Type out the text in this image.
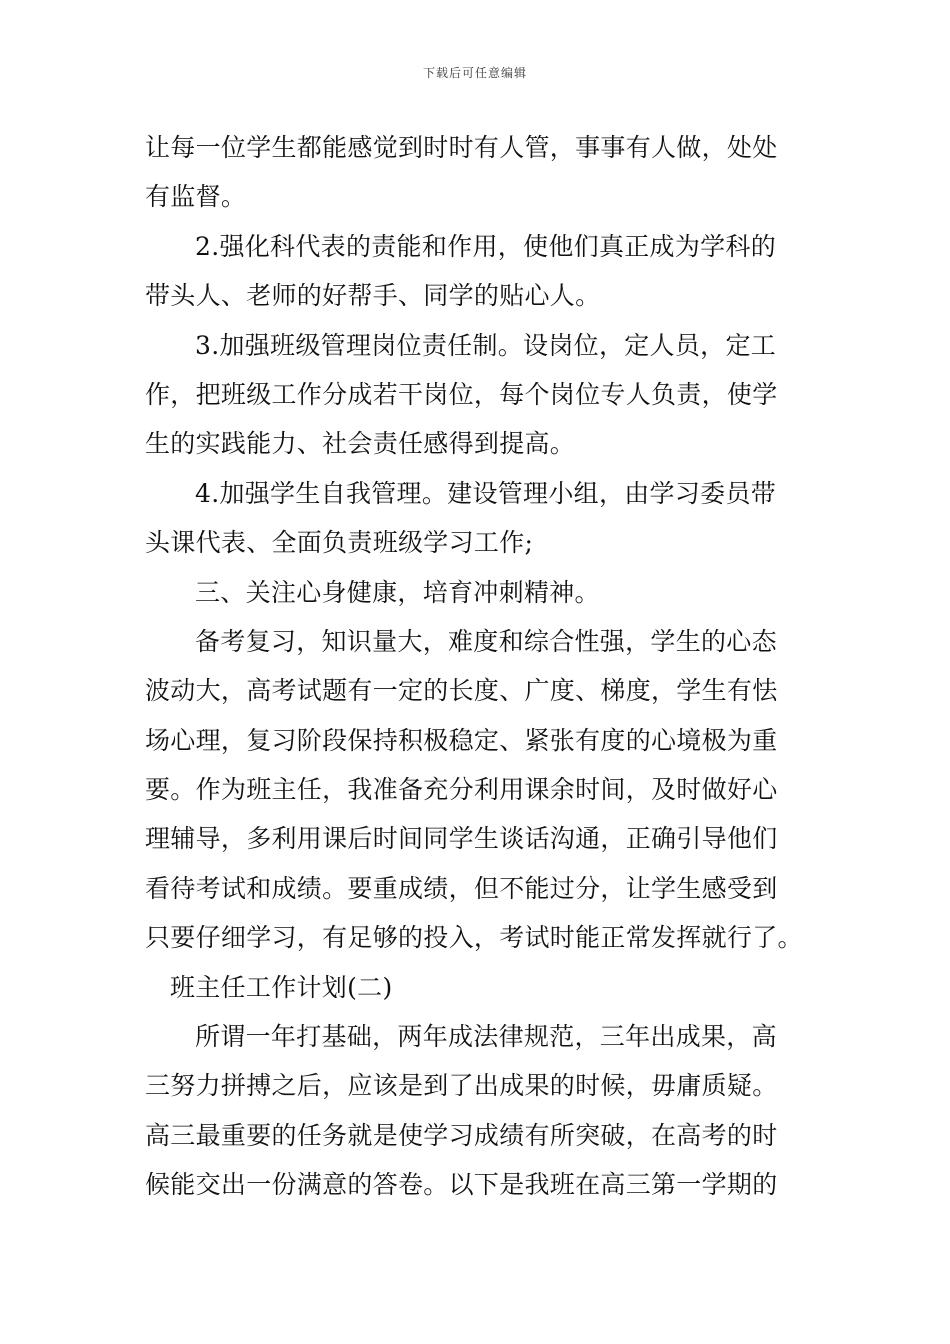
下载后可任意编辑
让每一位学生都能感觉到时时有人管，事事有人做，处处
有监督。
2.强化科代表的责能和作用，使他们真正成为学科的
带头人、老师的好帮手、同学的贴心人。
3.加强班级管理岗位责任制。设岗位，定人员，定工
作，把班级工作分成若干岗位，每个岗位专人负责，使学
生的实践能力、社会责任感得到提高。
4.加强学生自我管理。建设管理小组，由学习委员带
头课代表、全面负责班级学习工作;
三、关注心身健康，培育冲刺精神。
备考复习，知识量大，难度和综合性强，学生的心态
波动大，高考试题有一定的长度、广度、梯度，学生有怯
场心理，复习阶段保持积极稳定、紧张有度的心境极为重
要。作为班主任，我准备充分利用课余时间，及时做好心
理辅导，多利用课后时间同学生谈话沟通，正确引导他们
看待考试和成绩。要重成绩，但不能过分，让学生感受到
只要仔细学习，有足够的投入，考试时能正常发挥就行了。
班主任工作计划(二)
所谓一年打基础，两年成法律规范，三年出成果，高
三努力拼搏之后，应该是到了出成果的时候，毋庸质疑。
高三最重要的任务就是使学习成绩有所突破，在高考的时
候能交出一份满意的答卷。以下是我班在高三第一学期的
